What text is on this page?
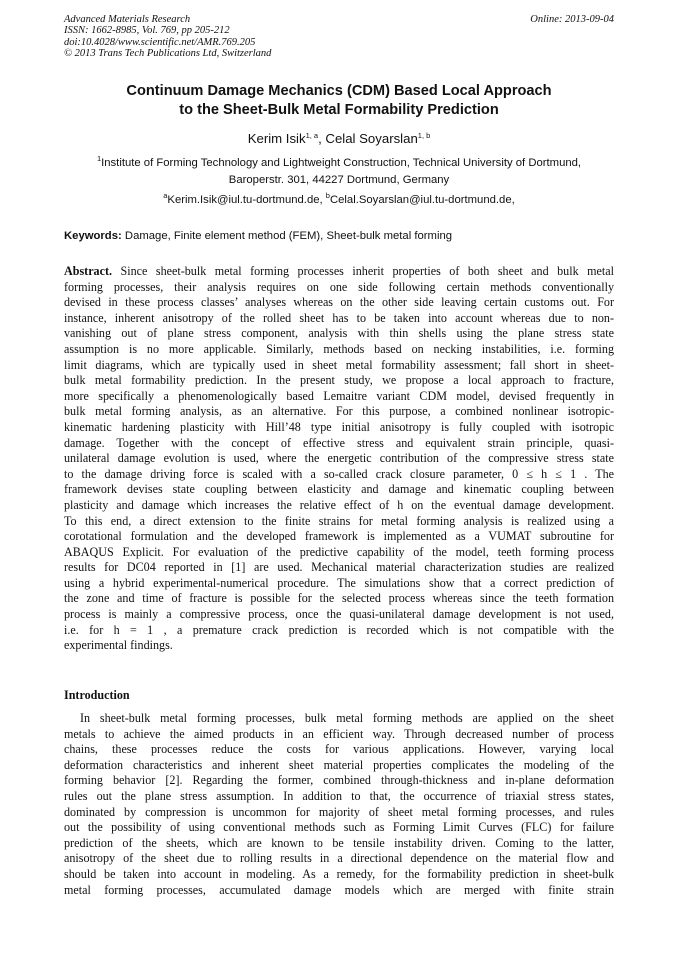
Advanced Materials Research
ISSN: 1662-8985, Vol. 769, pp 205-212
doi:10.4028/www.scientific.net/AMR.769.205
© 2013 Trans Tech Publications Ltd, Switzerland
Online: 2013-09-04
Continuum Damage Mechanics (CDM) Based Local Approach
to the Sheet-Bulk Metal Formability Prediction
Kerim Isik$^{1, a}$, Celal Soyarslan$^{1, b}$
$^1$Institute of Forming Technology and Lightweight Construction, Technical University of Dortmund,
Baroperstr. 301, 44227 Dortmund, Germany
$^a$Kerim.Isik@iul.tu-dortmund.de, $^b$Celal.Soyarslan@iul.tu-dortmund.de,
Keywords: Damage, Finite element method (FEM), Sheet-bulk metal forming
Abstract. Since sheet-bulk metal forming processes inherit properties of both sheet and bulk metal
forming processes, their analysis requires on one side following certain methods conventionally
devised in these process classes’ analyses whereas on the other side leaving certain customs out. For
instance, inherent anisotropy of the rolled sheet has to be taken into account whereas due to non-
vanishing out of plane stress component, analysis with thin shells using the plane stress state
assumption is no more applicable. Similarly, methods based on necking instabilities, i.e. forming
limit diagrams, which are typically used in sheet metal formability assessment; fall short in sheet-
bulk metal formability prediction. In the present study, we propose a local approach to fracture,
more specifically a phenomenologically based Lemaitre variant CDM model, devised frequently in
bulk metal forming analysis, as an alternative. For this purpose, a combined nonlinear isotropic-
kinematic hardening plasticity with Hill’48 type initial anisotropy is fully coupled with isotropic
damage. Together with the concept of effective stress and equivalent strain principle, quasi-
unilateral damage evolution is used, where the energetic contribution of the compressive stress state
to the damage driving force is scaled with a so-called crack closure parameter, 0 ≤ h ≤ 1 . The
framework devises state coupling between elasticity and damage and kinematic coupling between
plasticity and damage which increases the relative effect of h on the eventual damage development.
To this end, a direct extension to the finite strains for metal forming analysis is realized using a
corotational formulation and the developed framework is implemented as a VUMAT subroutine for
ABAQUS Explicit. For evaluation of the predictive capability of the model, teeth forming process
results for DC04 reported in [1] are used. Mechanical material characterization studies are realized
using a hybrid experimental-numerical procedure. The simulations show that a correct prediction of
the zone and time of fracture is possible for the selected process whereas since the teeth formation
process is mainly a compressive process, once the quasi-unilateral damage development is not used,
i.e. for h = 1 , a premature crack prediction is recorded which is not compatible with the
experimental findings.
Introduction
In sheet-bulk metal forming processes, bulk metal forming methods are applied on the sheet
metals to achieve the aimed products in an efficient way. Through decreased number of process
chains, these processes reduce the costs for various applications. However, varying local
deformation characteristics and inherent sheet material properties complicates the modeling of the
forming behavior [2]. Regarding the former, combined through-thickness and in-plane deformation
rules out the plane stress assumption. In addition to that, the occurrence of triaxial stress states,
dominated by compression is uncommon for majority of sheet metal forming processes, and rules
out the possibility of using conventional methods such as Forming Limit Curves (FLC) for failure
prediction of the sheets, which are known to be tensile instability driven. Coming to the latter,
anisotropy of the sheet due to rolling results in a directional dependence on the material flow and
should be taken into account in modeling. As a remedy, for the formability prediction in sheet-bulk
metal forming processes, accumulated damage models which are merged with finite strain
